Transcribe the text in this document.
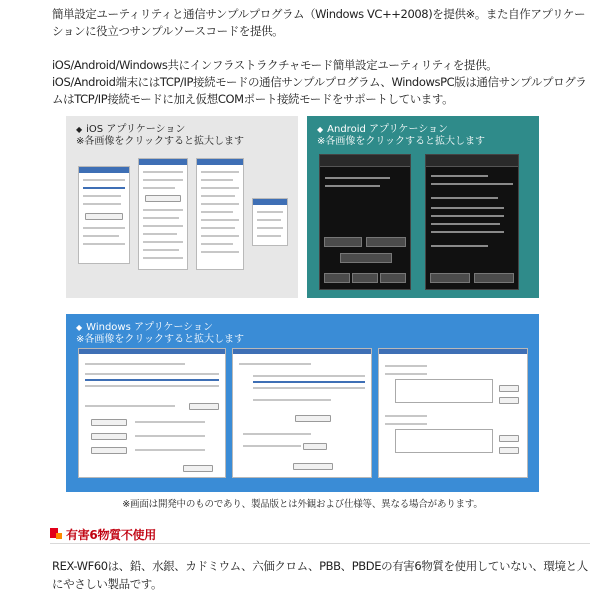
簡単設定ユーティリティと通信サンプルプログラム（Windows VC++2008)を提供※。また自作アプリケーションに役立つサンプルソースコードを提供。

iOS/Android/Windows共にインフラストラクチャモード簡単設定ユーティリティを提供。

iOS/Android端末にはTCP/IP接続モードの通信サンプルプログラム、WindowsPC版は通信サンプルプログラムはTCP/IP接続モードに加え仮想COMポート接続モードをサポートしています。

◆ iOS アプリケーション
※各画像をクリックすると拡大します
◆ Android アプリケーション
※各画像をクリックすると拡大します
◆ Windows アプリケーション
※各画像をクリックすると拡大します
※画面は開発中のものであり、製品版とは外観および仕様等、異なる場合があります。
有害6物質不使用
REX-WF60は、鉛、水銀、カドミウム、六価クロム、PBB、PBDEの有害6物質を使用していない、環境と人にやさしい製品です。
